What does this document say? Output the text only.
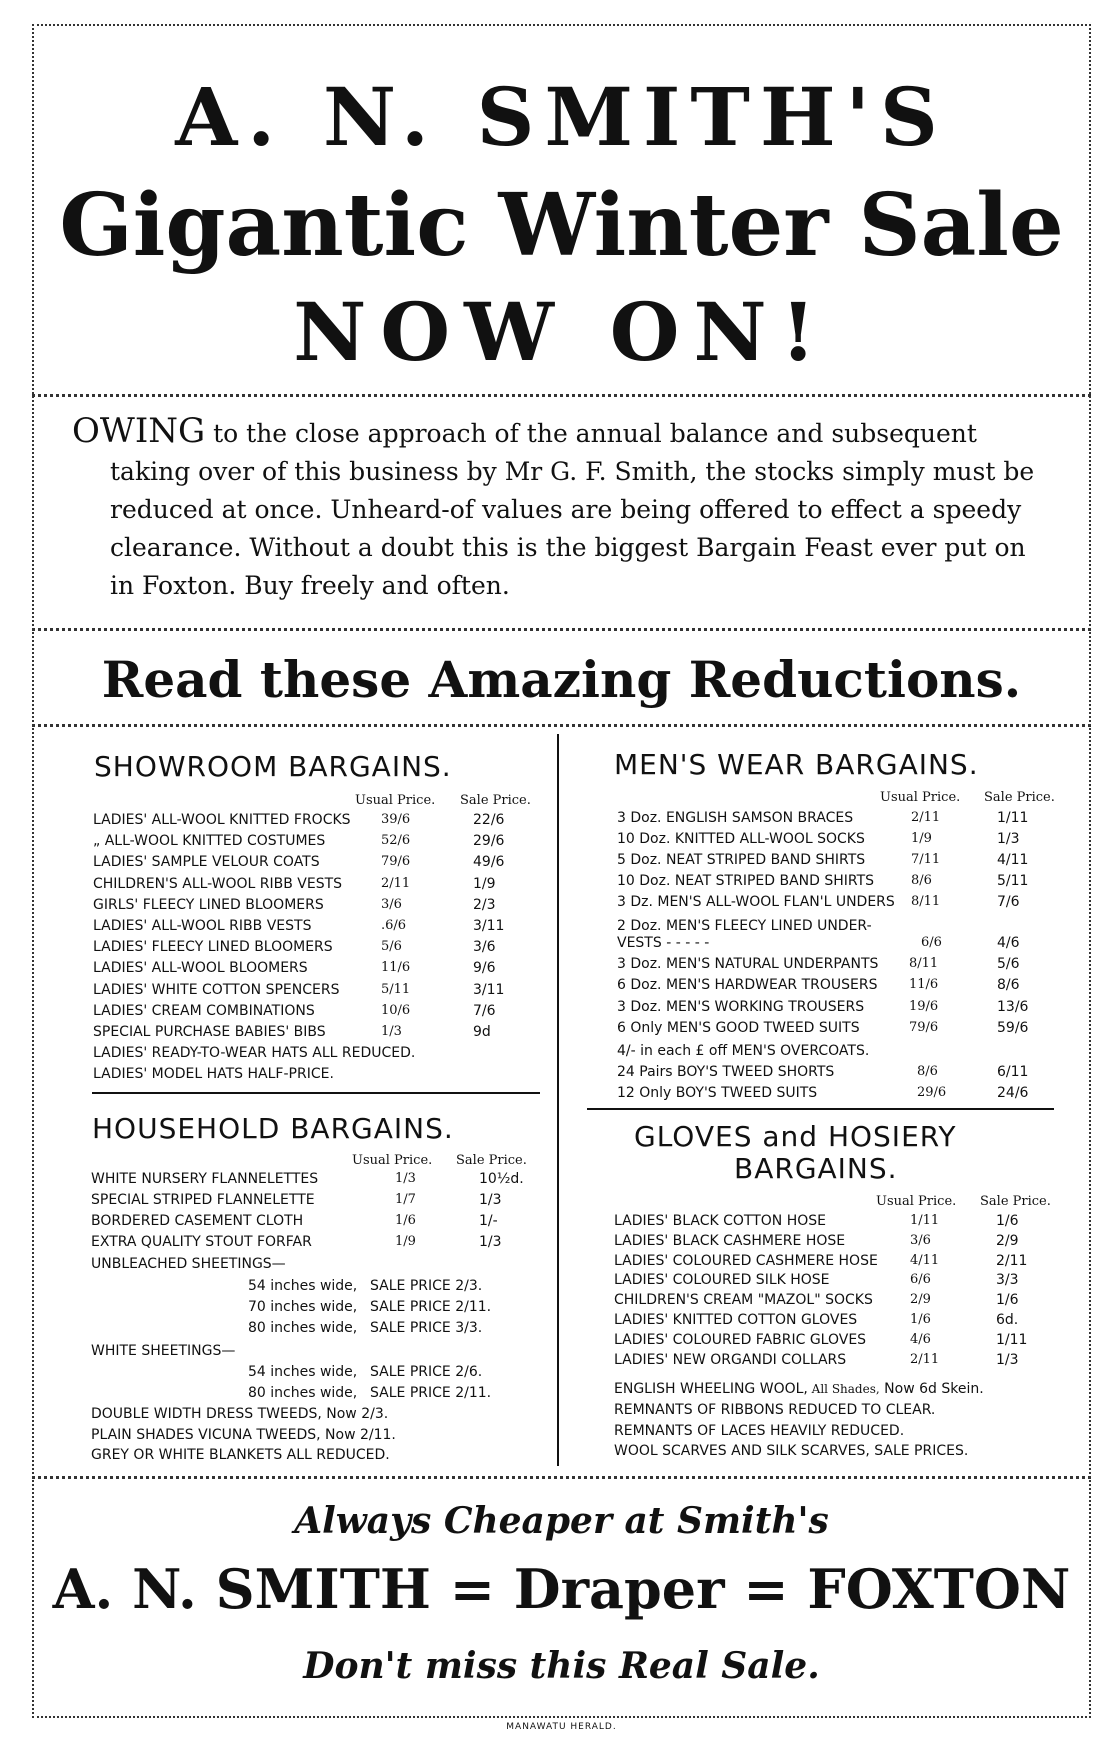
A. N. SMITH'S
Gigantic Winter Sale
NOW ON!

OWING to the close approach of the annual balance and subsequent taking over of this business by Mr G. F. Smith, the stocks simply must be reduced at once. Unheard-of values are being offered to effect a speedy clearance. Without a doubt this is the biggest Bargain Feast ever put on in Foxton. Buy freely and often.

Read these Amazing Reductions.
SHOWROOM BARGAINS.
Usual Price. Sale Price.
LADIES' ALL-WOOL KNITTED FROCKS 39/6	22/6
„ ALL-WOOL KNITTED COSTUMES	52/6	29/6
LADIES' SAMPLE VELOUR COATS	79/6	49/6
CHILDREN'S ALL-WOOL RIBB VESTS	2/11	1/9
GIRLS' FLEECY LINED BLOOMERS	3/6	2/3
LADIES' ALL-WOOL RIBB VESTS	.6/6	3/11
LADIES' FLEECY LINED BLOOMERS	5/6	3/6
LADIES' ALL-WOOL BLOOMERS	11/6	9/6
LADIES' WHITE COTTON SPENCERS	5/11	3/11
LADIES' CREAM COMBINATIONS	10/6	7/6
SPECIAL PURCHASE BABIES' BIBS	1/3	9d
LADIES' READY-TO-WEAR HATS ALL REDUCED.
LADIES' MODEL HATS HALF-PRICE.
HOUSEHOLD BARGAINS.
Usual Price. Sale Price.
WHITE NURSERY FLANNELETTES	1/3	10½d.
SPECIAL STRIPED FLANNELETTE	1/7	1/3
BORDERED CASEMENT CLOTH	1/6	1/-
EXTRA QUALITY STOUT FORFAR	1/9	1/3
UNBLEACHED SHEETINGS—
54 inches wide, SALE PRICE 2/3.
70 inches wide, SALE PRICE 2/11.
80 inches wide, SALE PRICE 3/3.
WHITE SHEETINGS—
54 inches wide, SALE PRICE 2/6.
80 inches wide, SALE PRICE 2/11.
DOUBLE WIDTH DRESS TWEEDS, Now 2/3.
PLAIN SHADES VICUNA TWEEDS, Now 2/11.
GREY OR WHITE BLANKETS ALL REDUCED.
MEN'S WEAR BARGAINS.
Usual Price. Sale Price.
3 Doz. ENGLISH SAMSON BRACES	2/11	1/11
10 Doz. KNITTED ALL-WOOL SOCKS	1/9	1/3
5 Doz. NEAT STRIPED BAND SHIRTS	7/11	4/11
10 Doz. NEAT STRIPED BAND SHIRTS	8/6	5/11
3 Dz. MEN'S ALL-WOOL FLAN'L UNDERS 8/11	7/6
2 Doz. MEN'S FLEECY LINED UNDER-
VESTS - - - - -	6/6	4/6
3 Doz. MEN'S NATURAL UNDERPANTS 8/11	5/6
6 Doz. MEN'S HARDWEAR TROUSERS 11/6	8/6
3 Doz. MEN'S WORKING TROUSERS	19/6	13/6
6 Only MEN'S GOOD TWEED SUITS	79/6	59/6
4/- in each £ off MEN'S OVERCOATS.
24 Pairs BOY'S TWEED SHORTS	8/6	6/11
12 Only BOY'S TWEED SUITS	29/6	24/6
GLOVES and HOSIERY
BARGAINS.
Usual Price. Sale Price.
LADIES' BLACK COTTON HOSE	1/11	1/6
LADIES' BLACK CASHMERE HOSE	3/6	2/9
LADIES' COLOURED CASHMERE HOSE 4/11	2/11
LADIES' COLOURED SILK HOSE	6/6	3/3
CHILDREN'S CREAM "MAZOL" SOCKS	2/9	1/6
LADIES' KNITTED COTTON GLOVES	1/6	6d.
LADIES' COLOURED FABRIC GLOVES	4/6	1/11
LADIES' NEW ORGANDI COLLARS	2/11	1/3
ENGLISH WHEELING WOOL, All Shades, Now 6d Skein.
REMNANTS OF RIBBONS REDUCED TO CLEAR.
REMNANTS OF LACES HEAVILY REDUCED.
WOOL SCARVES AND SILK SCARVES, SALE PRICES.
Always Cheaper at Smith's
A. N. SMITH = Draper = FOXTON
Don't miss this Real Sale.
MANAWATU HERALD.
